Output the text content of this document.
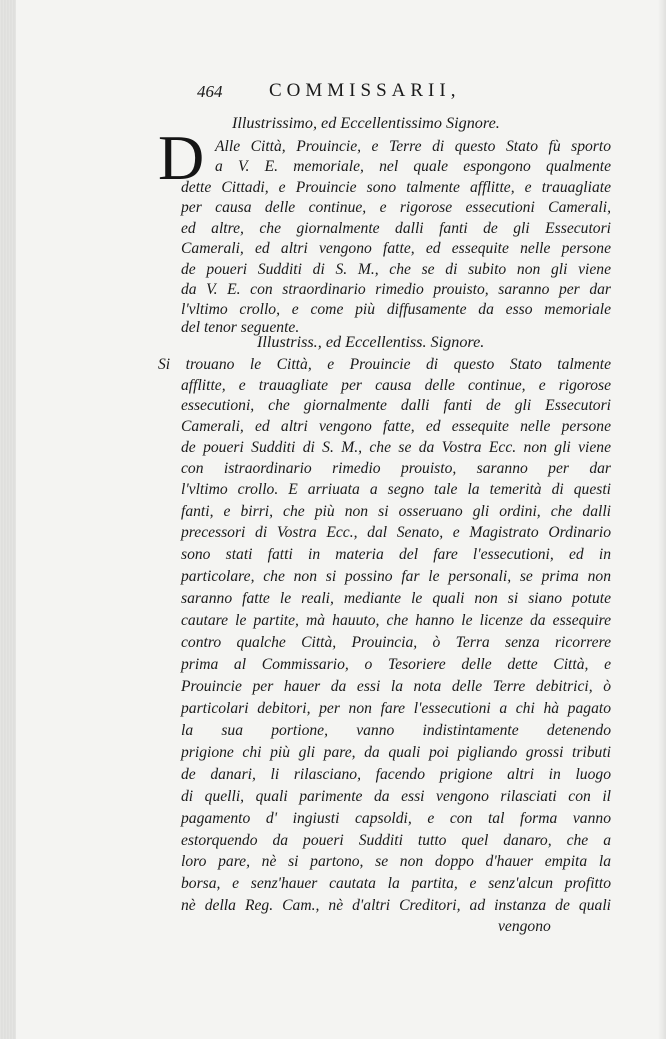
464 COMMISSARII,
Illustrissimo, ed Eccellentissimo Signore.
D Alle Città, Prouincie, e Terre di questo Stato fù sporto
a V. E. memoriale, nel quale espongono qualmente
dette Cittadi, e Prouincie sono talmente afflitte, e trauagliate
per causa delle continue, e rigorose essecutioni Camerali,
ed altre, che giornalmente dalli fanti de gli Essecutori
Camerali, ed altri vengono fatte, ed essequite nelle persone
de poueri Sudditi di S. M., che se di subito non gli viene
da V. E. con straordinario rimedio prouisto, saranno per dar
l'vltimo crollo, e come più diffusamente da esso memoriale
del tenor seguente.
Illustriss., ed Eccellentiss. Signore.
Si trouano le Città, e Prouincie di questo Stato talmente
afflitte, e trauagliate per causa delle continue, e rigorose
essecutioni, che giornalmente dalli fanti de gli Essecutori
Camerali, ed altri vengono fatte, ed essequite nelle persone
de poueri Sudditi di S. M., che se da Vostra Ecc. non gli viene
con istraordinario rimedio prouisto, saranno per dar
l'vltimo crollo. E arriuata a segno tale la temerità di questi
fanti, e birri, che più non si osseruano gli ordini, che dalli
precessori di Vostra Ecc., dal Senato, e Magistrato Ordinario
sono stati fatti in materia del fare l'essecutioni, ed in
particolare, che non si possino far le personali, se prima non
saranno fatte le reali, mediante le quali non si siano potute
cautare le partite, mà hauuto, che hanno le licenze da essequire
contro qualche Città, Prouincia, ò Terra senza ricorrere
prima al Commissario, o Tesoriere delle dette Città, e
Prouincie per hauer da essi la nota delle Terre debitrici, ò
particolari debitori, per non fare l'essecutioni a chi hà pagato
la sua portione, vanno indistintamente detenendo
prigione chi più gli pare, da quali poi pigliando grossi tributi
de danari, li rilasciano, facendo prigione altri in luogo
di quelli, quali parimente da essi vengono rilasciati con il
pagamento d' ingiusti capsoldi, e con tal forma vanno
estorquendo da poueri Sudditi tutto quel danaro, che a
loro pare, nè si partono, se non doppo d'hauer empita la
borsa, e senz'hauer cautata la partita, e senz'alcun profitto
nè della Reg. Cam., nè d'altri Creditori, ad instanza de quali
vengono
